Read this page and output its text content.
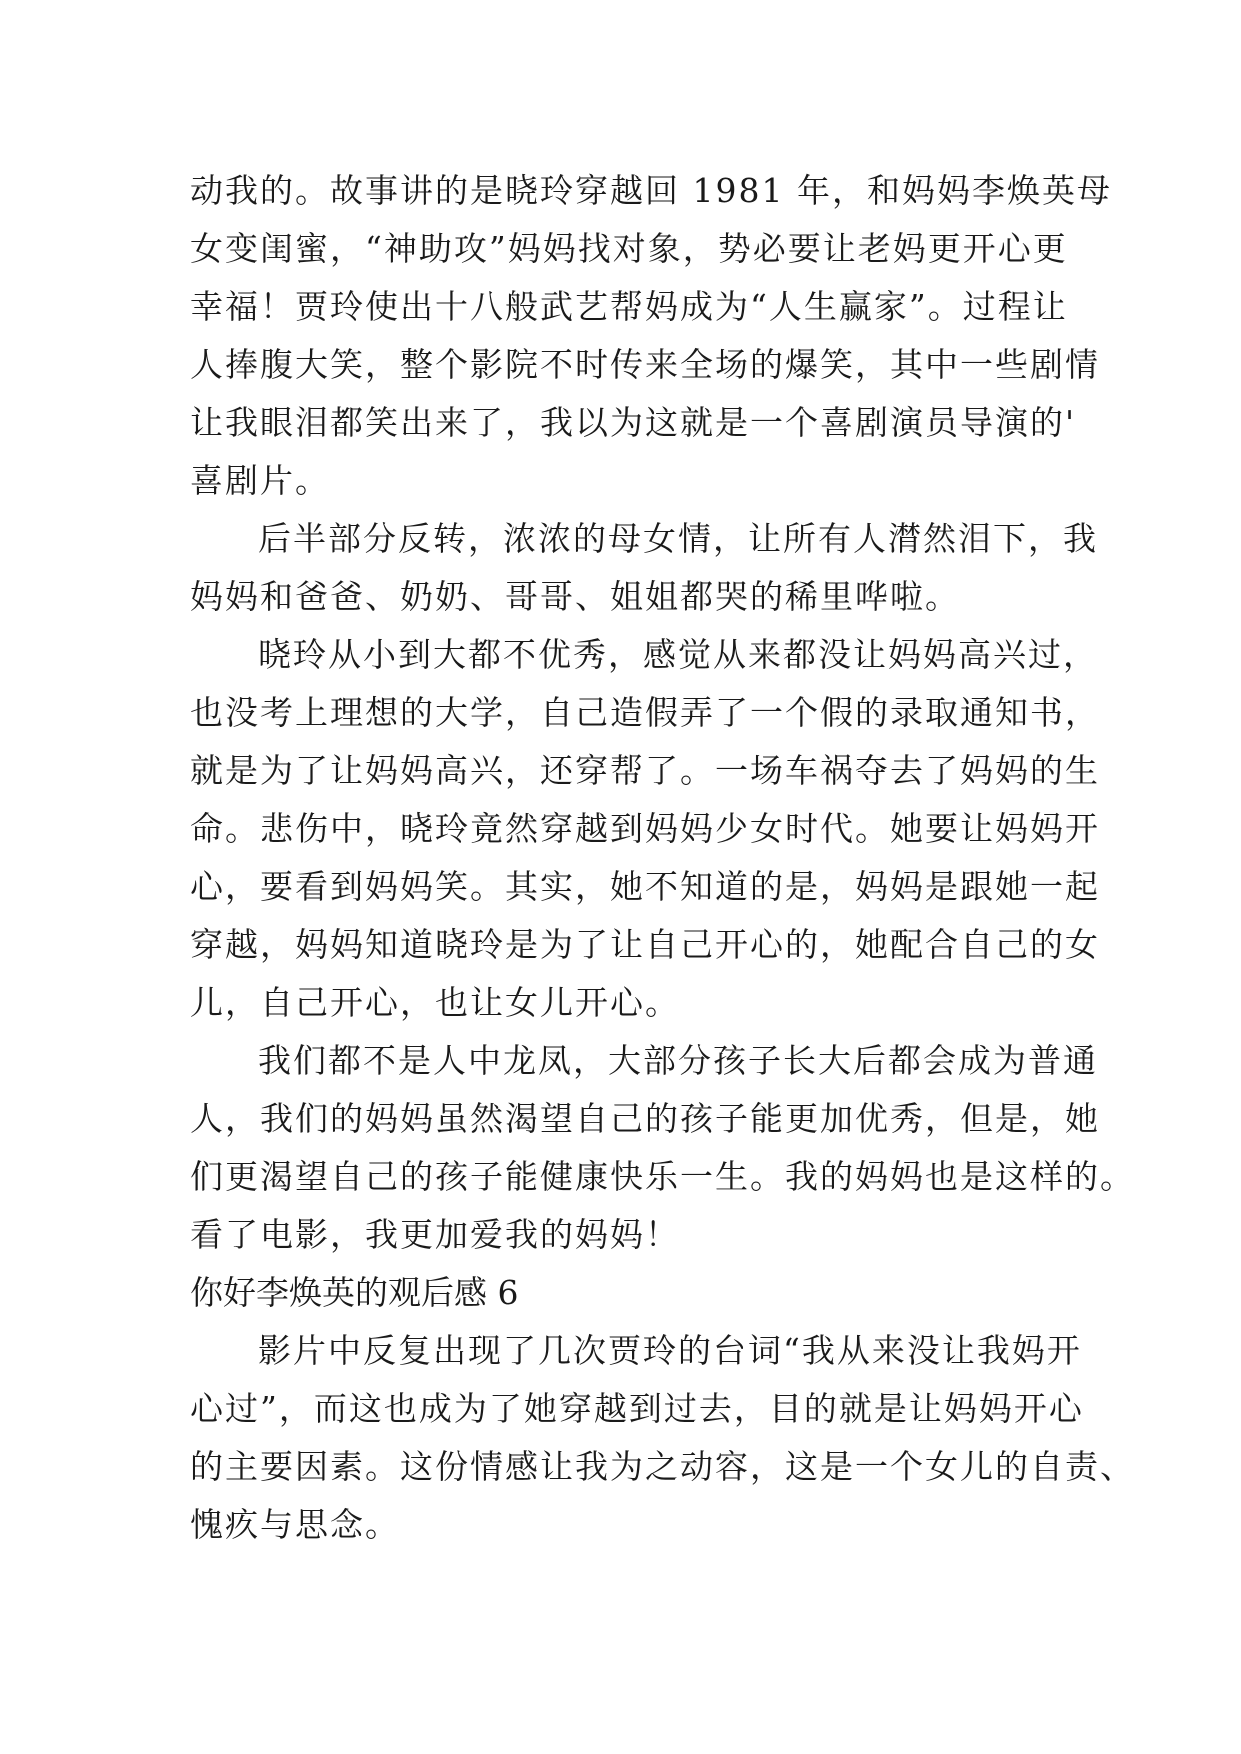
动我的。故事讲的是晓玲穿越回 1981 年，和妈妈李焕英母
女变闺蜜，“神助攻”妈妈找对象，势必要让老妈更开心更
幸福！贾玲使出十八般武艺帮妈成为“人生赢家”。过程让
人捧腹大笑，整个影院不时传来全场的爆笑，其中一些剧情
让我眼泪都笑出来了，我以为这就是一个喜剧演员导演的'
喜剧片。
后半部分反转，浓浓的母女情，让所有人潸然泪下，我
妈妈和爸爸、奶奶、哥哥、姐姐都哭的稀里哗啦。
晓玲从小到大都不优秀，感觉从来都没让妈妈高兴过，
也没考上理想的大学，自己造假弄了一个假的录取通知书，
就是为了让妈妈高兴，还穿帮了。一场车祸夺去了妈妈的生
命。悲伤中，晓玲竟然穿越到妈妈少女时代。她要让妈妈开
心，要看到妈妈笑。其实，她不知道的是，妈妈是跟她一起
穿越，妈妈知道晓玲是为了让自己开心的，她配合自己的女
儿，自己开心，也让女儿开心。
我们都不是人中龙凤，大部分孩子长大后都会成为普通
人，我们的妈妈虽然渴望自己的孩子能更加优秀，但是，她
们更渴望自己的孩子能健康快乐一生。我的妈妈也是这样的。
看了电影，我更加爱我的妈妈！
你好李焕英的观后感 6
影片中反复出现了几次贾玲的台词“我从来没让我妈开
心过”，而这也成为了她穿越到过去，目的就是让妈妈开心
的主要因素。这份情感让我为之动容，这是一个女儿的自责、
愧疚与思念。
